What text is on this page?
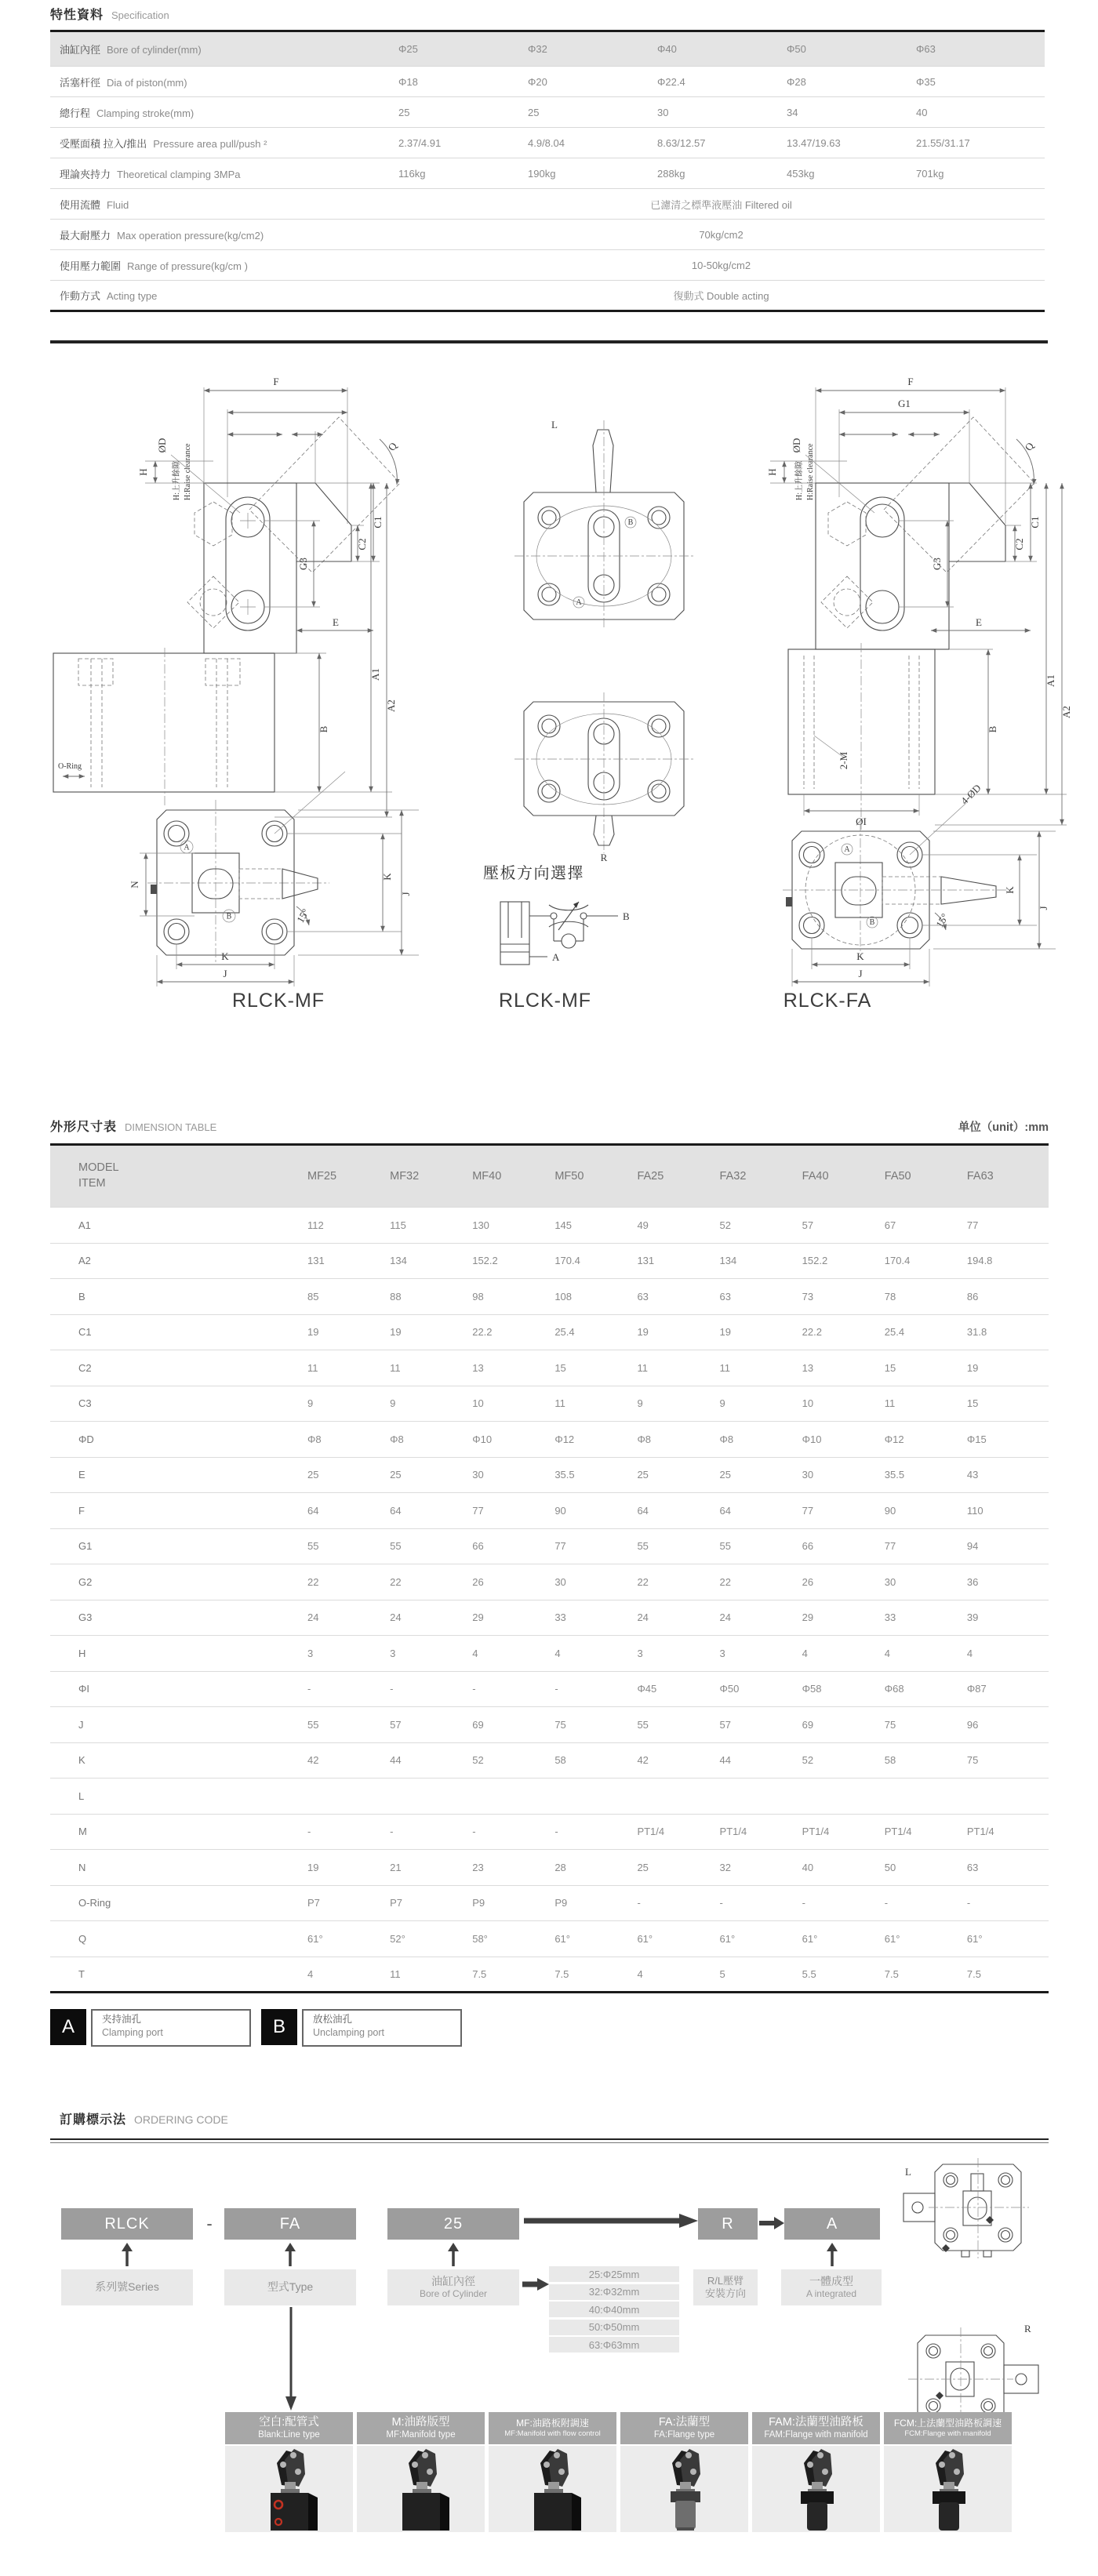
特性資料 Specification
油缸內徑 Bore of cylinder(mm)	Φ25	Φ32	Φ40	Φ50	Φ63
活塞杆徑 Dia of piston(mm)	Φ18	Φ20	Φ22.4	Φ28	Φ35
總行程 Clamping stroke(mm)	25	25	30	34	40
受壓面積 拉入/推出 Pressure area pull/push ²	2.37/4.91	4.9/8.04	8.63/12.57	13.47/19.63	21.55/31.17
理論夾持力 Theoretical clamping 3MPa	116kg	190kg	288kg	453kg	701kg
使用流體 Fluid	已濾清之標準液壓油 Filtered oil				
最大耐壓力 Max operation pressure(kg/cm2)	70kg/cm2				
使用壓力範圍 Range of pressure(kg/cm )	10-50kg/cm2				
作動方式 Acting type	復動式 Double acting				
F
H:上升餘隙 H:Raise clearance
H
Q
ØD
C2
C1
G3
E
O-Ring
B
A1
A2
A
B	15°
N
K
J
K
J
RLCK-MF
L
A
B
R
壓板方向選擇
B
A
RLCK-MF
F
G1
H:上升餘隙 H:Raise clearance
H
Q
ØD
C2
C1
G3
E
2-M
ØI
B
A1
A2
4-ØD
A
B	15°
K
J
K
J
RLCK-FA
外形尺寸表 DIMENSION TABLE	单位（unit）:mm
MODEL
ITEM	MF25	MF32	MF40	MF50	FA25	FA32	FA40	FA50	FA63
A1	112	115	130	145	49	52	57	67	77
A2	131	134	152.2	170.4	131	134	152.2	170.4	194.8
B	85	88	98	108	63	63	73	78	86
C1	19	19	22.2	25.4	19	19	22.2	25.4	31.8
C2	11	11	13	15	11	11	13	15	19
C3	9	9	10	11	9	9	10	11	15
ΦD	Φ8	Φ8	Φ10	Φ12	Φ8	Φ8	Φ10	Φ12	Φ15
E	25	25	30	35.5	25	25	30	35.5	43
F	64	64	77	90	64	64	77	90	110
G1	55	55	66	77	55	55	66	77	94
G2	22	22	26	30	22	22	26	30	36
G3	24	24	29	33	24	24	29	33	39
H	3	3	4	4	3	3	4	4	4
ΦI	-	-	-	-	Φ45	Φ50	Φ58	Φ68	Φ87
J	55	57	69	75	55	57	69	75	96
K	42	44	52	58	42	44	52	58	75
L									
M	-	-	-	-	PT1/4	PT1/4	PT1/4	PT1/4	PT1/4
N	19	21	23	28	25	32	40	50	63
O-Ring	P7	P7	P9	P9	-	-	-	-	-
Q	61°	52°	58°	61°	61°	61°	61°	61°	61°
T	4	11	7.5	7.5	4	5	5.5	7.5	7.5
A	夹持油孔
Clamping port	B	放松油孔
Unclamping port
訂購標示法 ORDERING CODE
RLCK	-	FA	25	R	A
系列號Series	型式Type	油缸內徑
Bore of Cylinder
25:Φ25mm
32:Φ32mm
40:Φ40mm
50:Φ50mm
63:Φ63mm
R/L壓臂
安裝方向
一體成型
A integrated
L
R
空白:配管式
Blank:Line type
M:油路版型
MF:Manifold type
MF:油路板附調速
MF:Manifold with flow control
FA:法蘭型
FA:Flange type
FAM:法蘭型油路板
FAM:Flange with manifold
FCM:上法蘭型油路板調速
FCM:Flange with manifold
